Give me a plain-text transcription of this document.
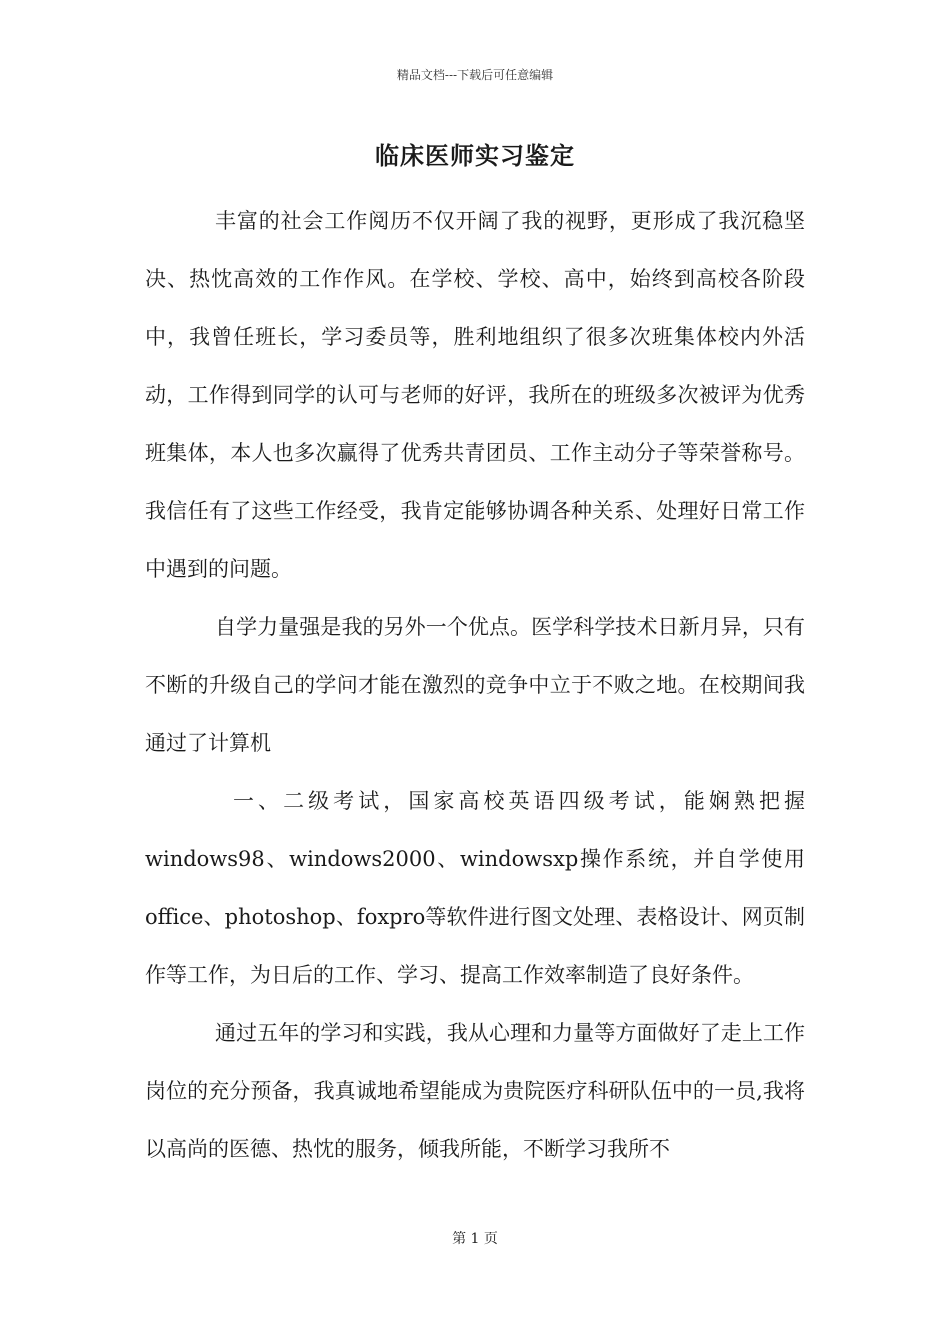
精品文档---下载后可任意编辑
临床医师实习鉴定

丰富的社会工作阅历不仅开阔了我的视野，更形成了我沉稳坚决、热忱高效的工作作风。在学校、学校、高中，始终到高校各阶段中，我曾任班长，学习委员等，胜利地组织了很多次班集体校内外活动，工作得到同学的认可与老师的好评，我所在的班级多次被评为优秀班集体，本人也多次赢得了优秀共青团员、工作主动分子等荣誉称号。我信任有了这些工作经受，我肯定能够协调各种关系、处理好日常工作中遇到的问题。

自学力量强是我的另外一个优点。医学科学技术日新月异，只有不断的升级自己的学问才能在激烈的竞争中立于不败之地。在校期间我通过了计算机

一、二级考试，国家高校英语四级考试，能娴熟把握windows98、windows2000、windowsxp操作系统，并自学使用office、photoshop、foxpro等软件进行图文处理、表格设计、网页制作等工作，为日后的工作、学习、提高工作效率制造了良好条件。

通过五年的学习和实践，我从心理和力量等方面做好了走上工作岗位的充分预备，我真诚地希望能成为贵院医疗科研队伍中的一员,我将以高尚的医德、热忱的服务，倾我所能，不断学习我所不

第 1 页
